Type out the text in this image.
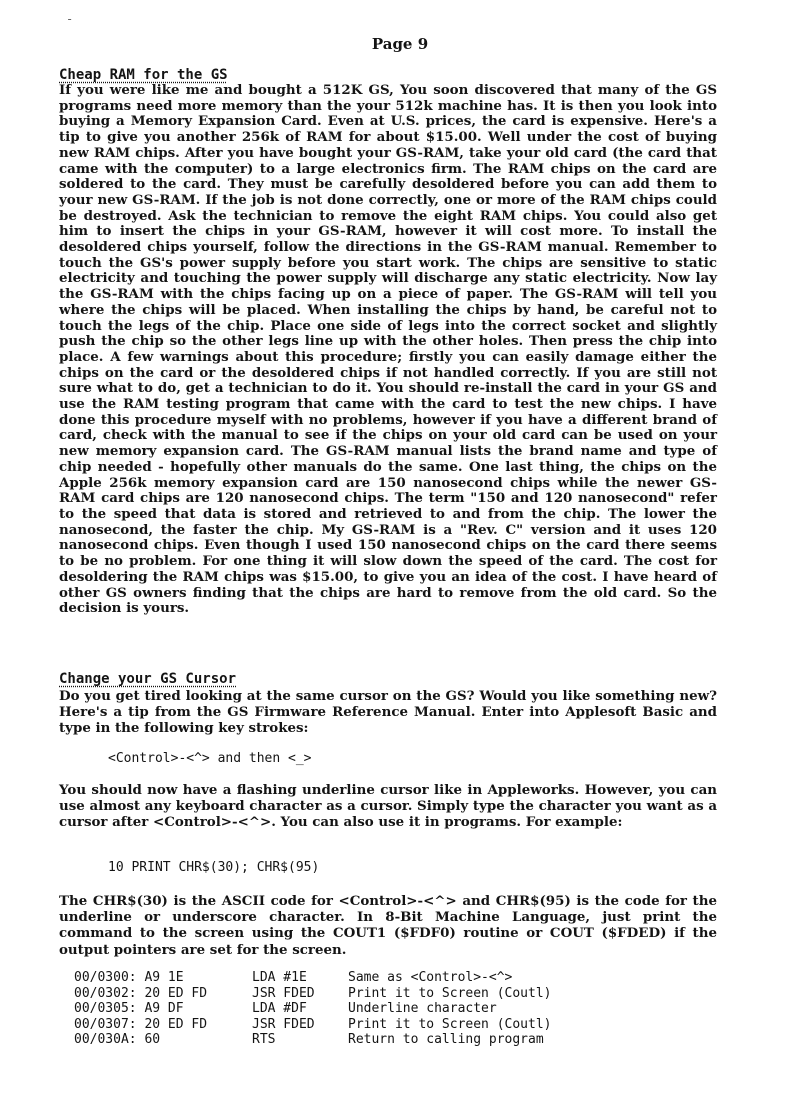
-
Page 9
Cheap RAM for the GS

If you were like me and bought a 512K GS, You soon discovered that many of the GS programs need more memory than the your 512k machine has. It is then you look into buying a Memory Expansion Card. Even at U.S. prices, the card is expensive. Here's a tip to give you another 256k of RAM for about $15.00. Well under the cost of buying new RAM chips. After you have bought your GS-RAM, take your old card (the card that came with the computer) to a large electronics firm. The RAM chips on the card are soldered to the card. They must be carefully desoldered before you can add them to your new GS-RAM. If the job is not done correctly, one or more of the RAM chips could be destroyed. Ask the technician to remove the eight RAM chips. You could also get him to insert the chips in your GS-RAM, however it will cost more. To install the desoldered chips yourself, follow the directions in the GS-RAM manual. Remember to touch the GS's power supply before you start work. The chips are sensitive to static electricity and touching the power supply will discharge any static electricity. Now lay the GS-RAM with the chips facing up on a piece of paper. The GS-RAM will tell you where the chips will be placed. When installing the chips by hand, be careful not to touch the legs of the chip. Place one side of legs into the correct socket and slightly push the chip so the other legs line up with the other holes. Then press the chip into place. A few warnings about this procedure; firstly you can easily damage either the chips on the card or the desoldered chips if not handled correctly. If you are still not sure what to do, get a technician to do it. You should re-install the card in your GS and use the RAM testing program that came with the card to test the new chips. I have done this procedure myself with no problems, however if you have a different brand of card, check with the manual to see if the chips on your old card can be used on your new memory expansion card. The GS-RAM manual lists the brand name and type of chip needed - hopefully other manuals do the same. One last thing, the chips on the Apple 256k memory expansion card are 150 nanosecond chips while the newer GS-RAM card chips are 120 nanosecond chips. The term "150 and 120 nanosecond" refer to the speed that data is stored and retrieved to and from the chip. The lower the nanosecond, the faster the chip. My GS-RAM is a "Rev. C" version and it uses 120 nanosecond chips. Even though I used 150 nanosecond chips on the card there seems to be no problem. For one thing it will slow down the speed of the card. The cost for desoldering the RAM chips was $15.00, to give you an idea of the cost. I have heard of other GS owners finding that the chips are hard to remove from the old card. So the decision is yours.

Change your GS Cursor

Do you get tired looking at the same cursor on the GS? Would you like something new? Here's a tip from the GS Firmware Reference Manual. Enter into Applesoft Basic and type in the following key strokes:

<Control>-<^> and then <_>

You should now have a flashing underline cursor like in Appleworks. However, you can use almost any keyboard character as a cursor. Simply type the character you want as a cursor after <Control>-<^>. You can also use it in programs. For example:

10 PRINT CHR$(30); CHR$(95)

The CHR$(30) is the ASCII code for <Control>-<^> and CHR$(95) is the code for the underline or underscore character. In 8-Bit Machine Language, just print the command to the screen using the COUT1 ($FDF0) routine or COUT ($FDED) if the output pointers are set for the screen.

00/0300: A9 1E	LDA #1E	Same as <Control>-<^>
00/0302: 20 ED FD	JSR FDED	Print it to Screen (Coutl)
00/0305: A9 DF	LDA #DF	Underline character
00/0307: 20 ED FD	JSR FDED	Print it to Screen (Coutl)
00/030A: 60	RTS	Return to calling program
